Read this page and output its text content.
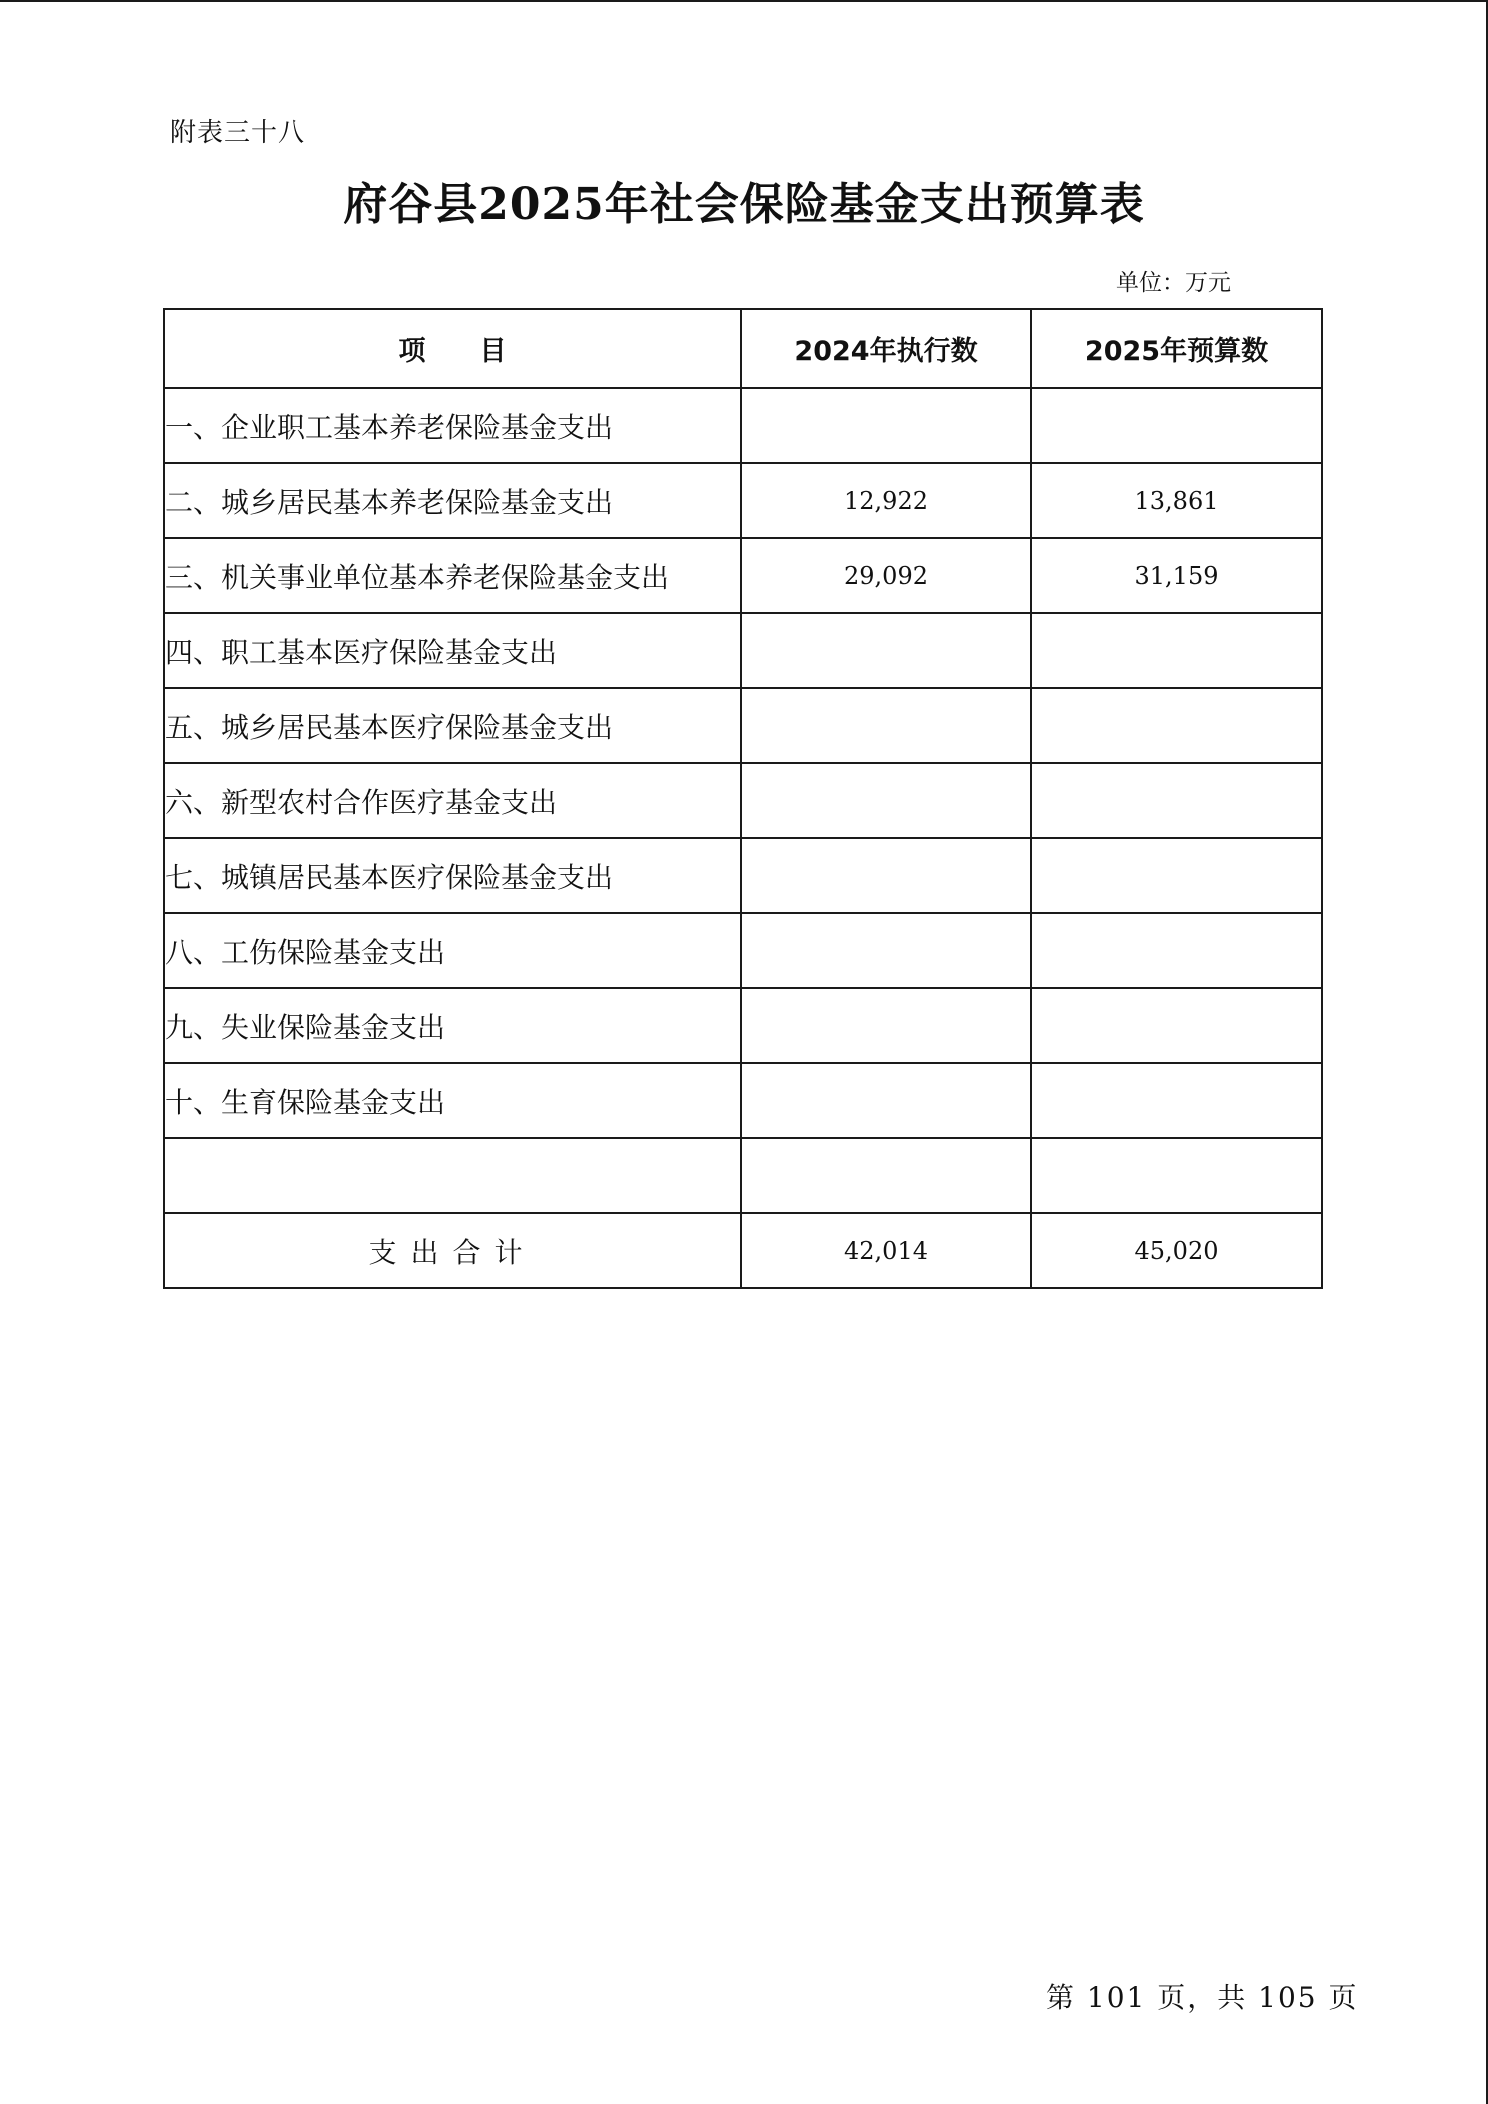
附表三十八
府谷县2025年社会保险基金支出预算表
单位：万元
项　　目	2024年执行数	2025年预算数
一、企业职工基本养老保险基金支出		
二、城乡居民基本养老保险基金支出	12,922	13,861
三、机关事业单位基本养老保险基金支出	29,092	31,159
四、职工基本医疗保险基金支出		
五、城乡居民基本医疗保险基金支出		
六、新型农村合作医疗基金支出		
七、城镇居民基本医疗保险基金支出		
八、工伤保险基金支出		
九、失业保险基金支出		
十、生育保险基金支出		

支出合计	42,014	45,020
第 101 页，共 105 页
